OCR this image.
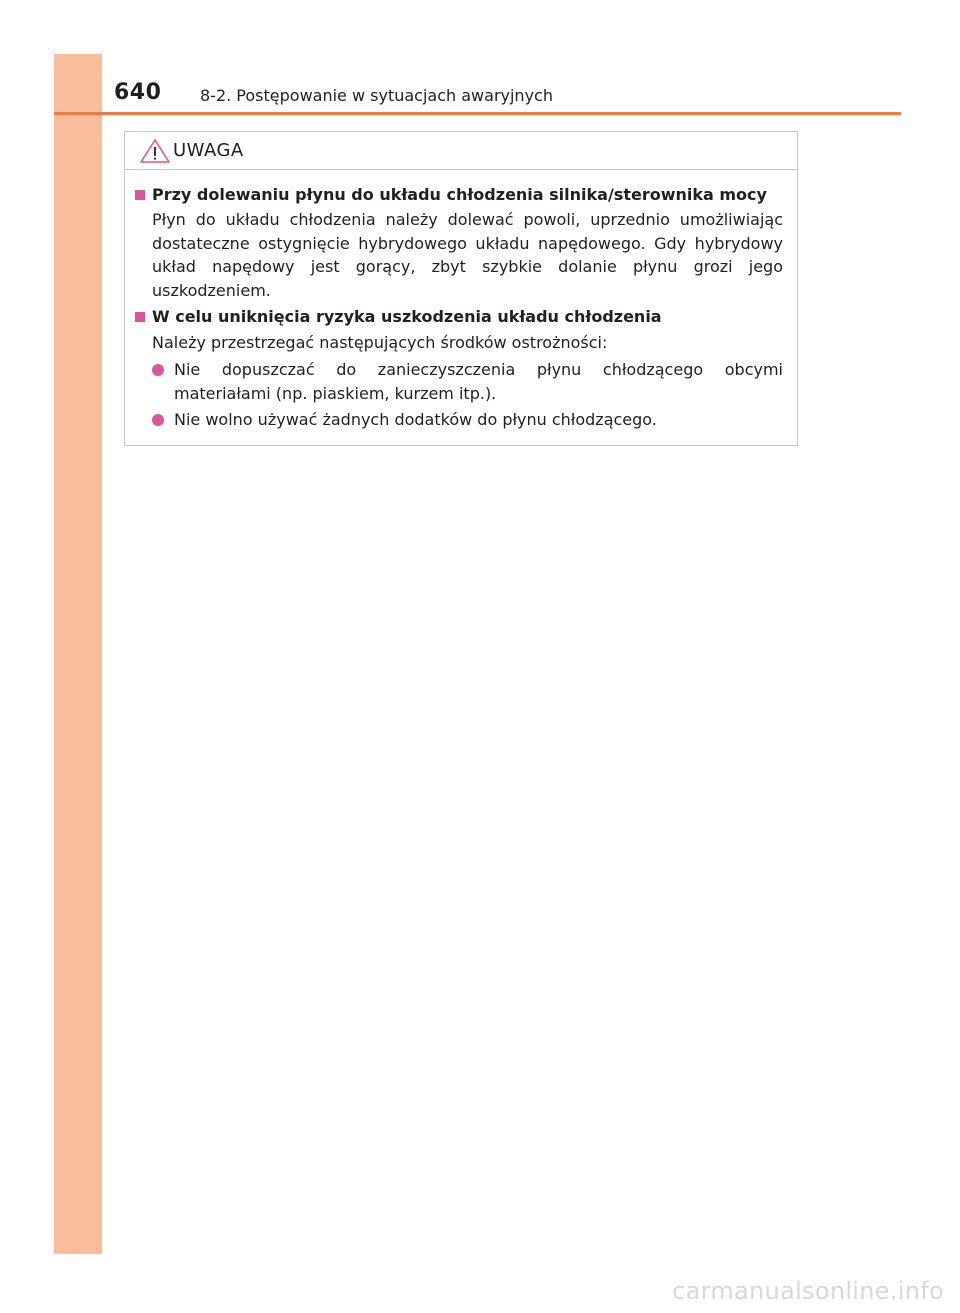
640 8-2. Postępowanie w sytuacjach awaryjnych
UWAGA
Przy dolewaniu płynu do układu chłodzenia silnika/sterownika mocy
Płyn do układu chłodzenia należy dolewać powoli, uprzednio umożliwiając dostateczne ostygnięcie hybrydowego układu napędowego. Gdy hybrydowy układ napędowy jest gorący, zbyt szybkie dolanie płynu grozi jego uszkodzeniem.
W celu uniknięcia ryzyka uszkodzenia układu chłodzenia
Należy przestrzegać następujących środków ostrożności:
Nie dopuszczać do zanieczyszczenia płynu chłodzącego obcymi materiałami (np. piaskiem, kurzem itp.).
Nie wolno używać żadnych dodatków do płynu chłodzącego.
carmanualsonline.info
